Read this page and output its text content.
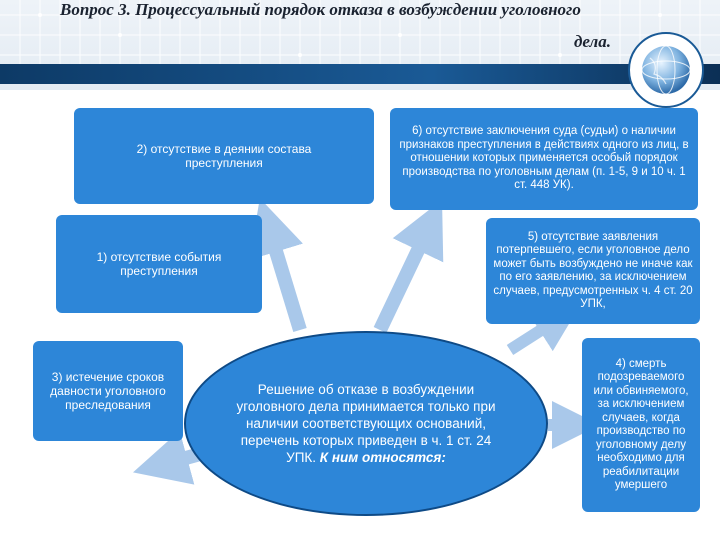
Вопрос 3. Процессуальный порядок отказа в возбуждении уголовного
дела.
2) отсутствие в деянии состава преступления
6) отсутствие заключения суда (судьи) о наличии признаков преступления в действиях одного из лиц, в отношении которых применяется особый порядок производства по уголовным делам (п. 1-5, 9 и 10 ч. 1 ст. 448 УК).
1) отсутствие события преступления
5) отсутствие заявления потерпевшего, если уголовное дело может быть возбуждено не иначе как по его заявлению, за исключением случаев, предусмотренных ч. 4 ст. 20 УПК,
3) истечение сроков давности уголовного преследования
4) смерть подозреваемого или обвиняемого, за исключением случаев, когда производство по уголовному делу необходимо для реабилитации умершего
Решение об отказе в возбуждении уголовного дела принимается только при наличии соответствующих оснований, перечень которых приведен в ч. 1 ст. 24 УПК. К ним относятся:
